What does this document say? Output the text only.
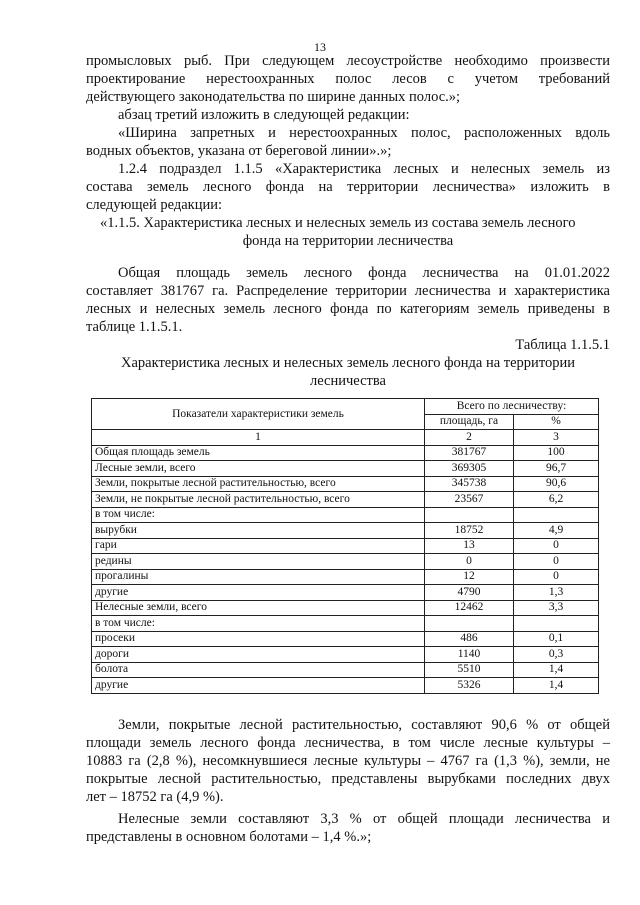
13

промысловых рыб. При следующем лесоустройстве необходимо произвести

проектирование нерестоохранных полос лесов с учетом требований

действующего законодательства по ширине данных полос.»;

абзац третий изложить в следующей редакции:

«Ширина запретных и нерестоохранных полос, расположенных вдоль

водных объектов, указана от береговой линии».»;

1.2.4 подраздел 1.1.5 «Характеристика лесных и нелесных земель из

состава земель лесного фонда на территории лесничества» изложить в

следующей редакции:

«1.1.5. Характеристика лесных и нелесных земель из состава земель лесного

фонда на территории лесничества

Общая площадь земель лесного фонда лесничества на 01.01.2022

составляет 381767 га. Распределение территории лесничества и характеристика

лесных и нелесных земель лесного фонда по категориям земель приведены в

таблице 1.1.5.1.

Таблица 1.1.5.1

Характеристика лесных и нелесных земель лесного фонда на территории

лесничества

Показатели характеристики земель	Всего по лесничеству:	
	площадь, га	%
1	2	3
Общая площадь земель	381767	100
Лесные земли, всего	369305	96,7
Земли, покрытые лесной растительностью, всего	345738	90,6
Земли, не покрытые лесной растительностью, всего	23567	6,2
в том числе:		
вырубки	18752	4,9
гари	13	0
редины	0	0
прогалины	12	0
другие	4790	1,3
Нелесные земли, всего	12462	3,3
в том числе:		
просеки	486	0,1
дороги	1140	0,3
болота	5510	1,4
другие	5326	1,4

Земли, покрытые лесной растительностью, составляют 90,6 % от общей

площади земель лесного фонда лесничества, в том числе лесные культуры –

10883 га (2,8 %), несомкнувшиеся лесные культуры – 4767 га (1,3 %), земли, не

покрытые лесной растительностью, представлены вырубками последних двух

лет – 18752 га (4,9 %).

Нелесные земли составляют 3,3 % от общей площади лесничества и

представлены в основном болотами – 1,4 %.»;
